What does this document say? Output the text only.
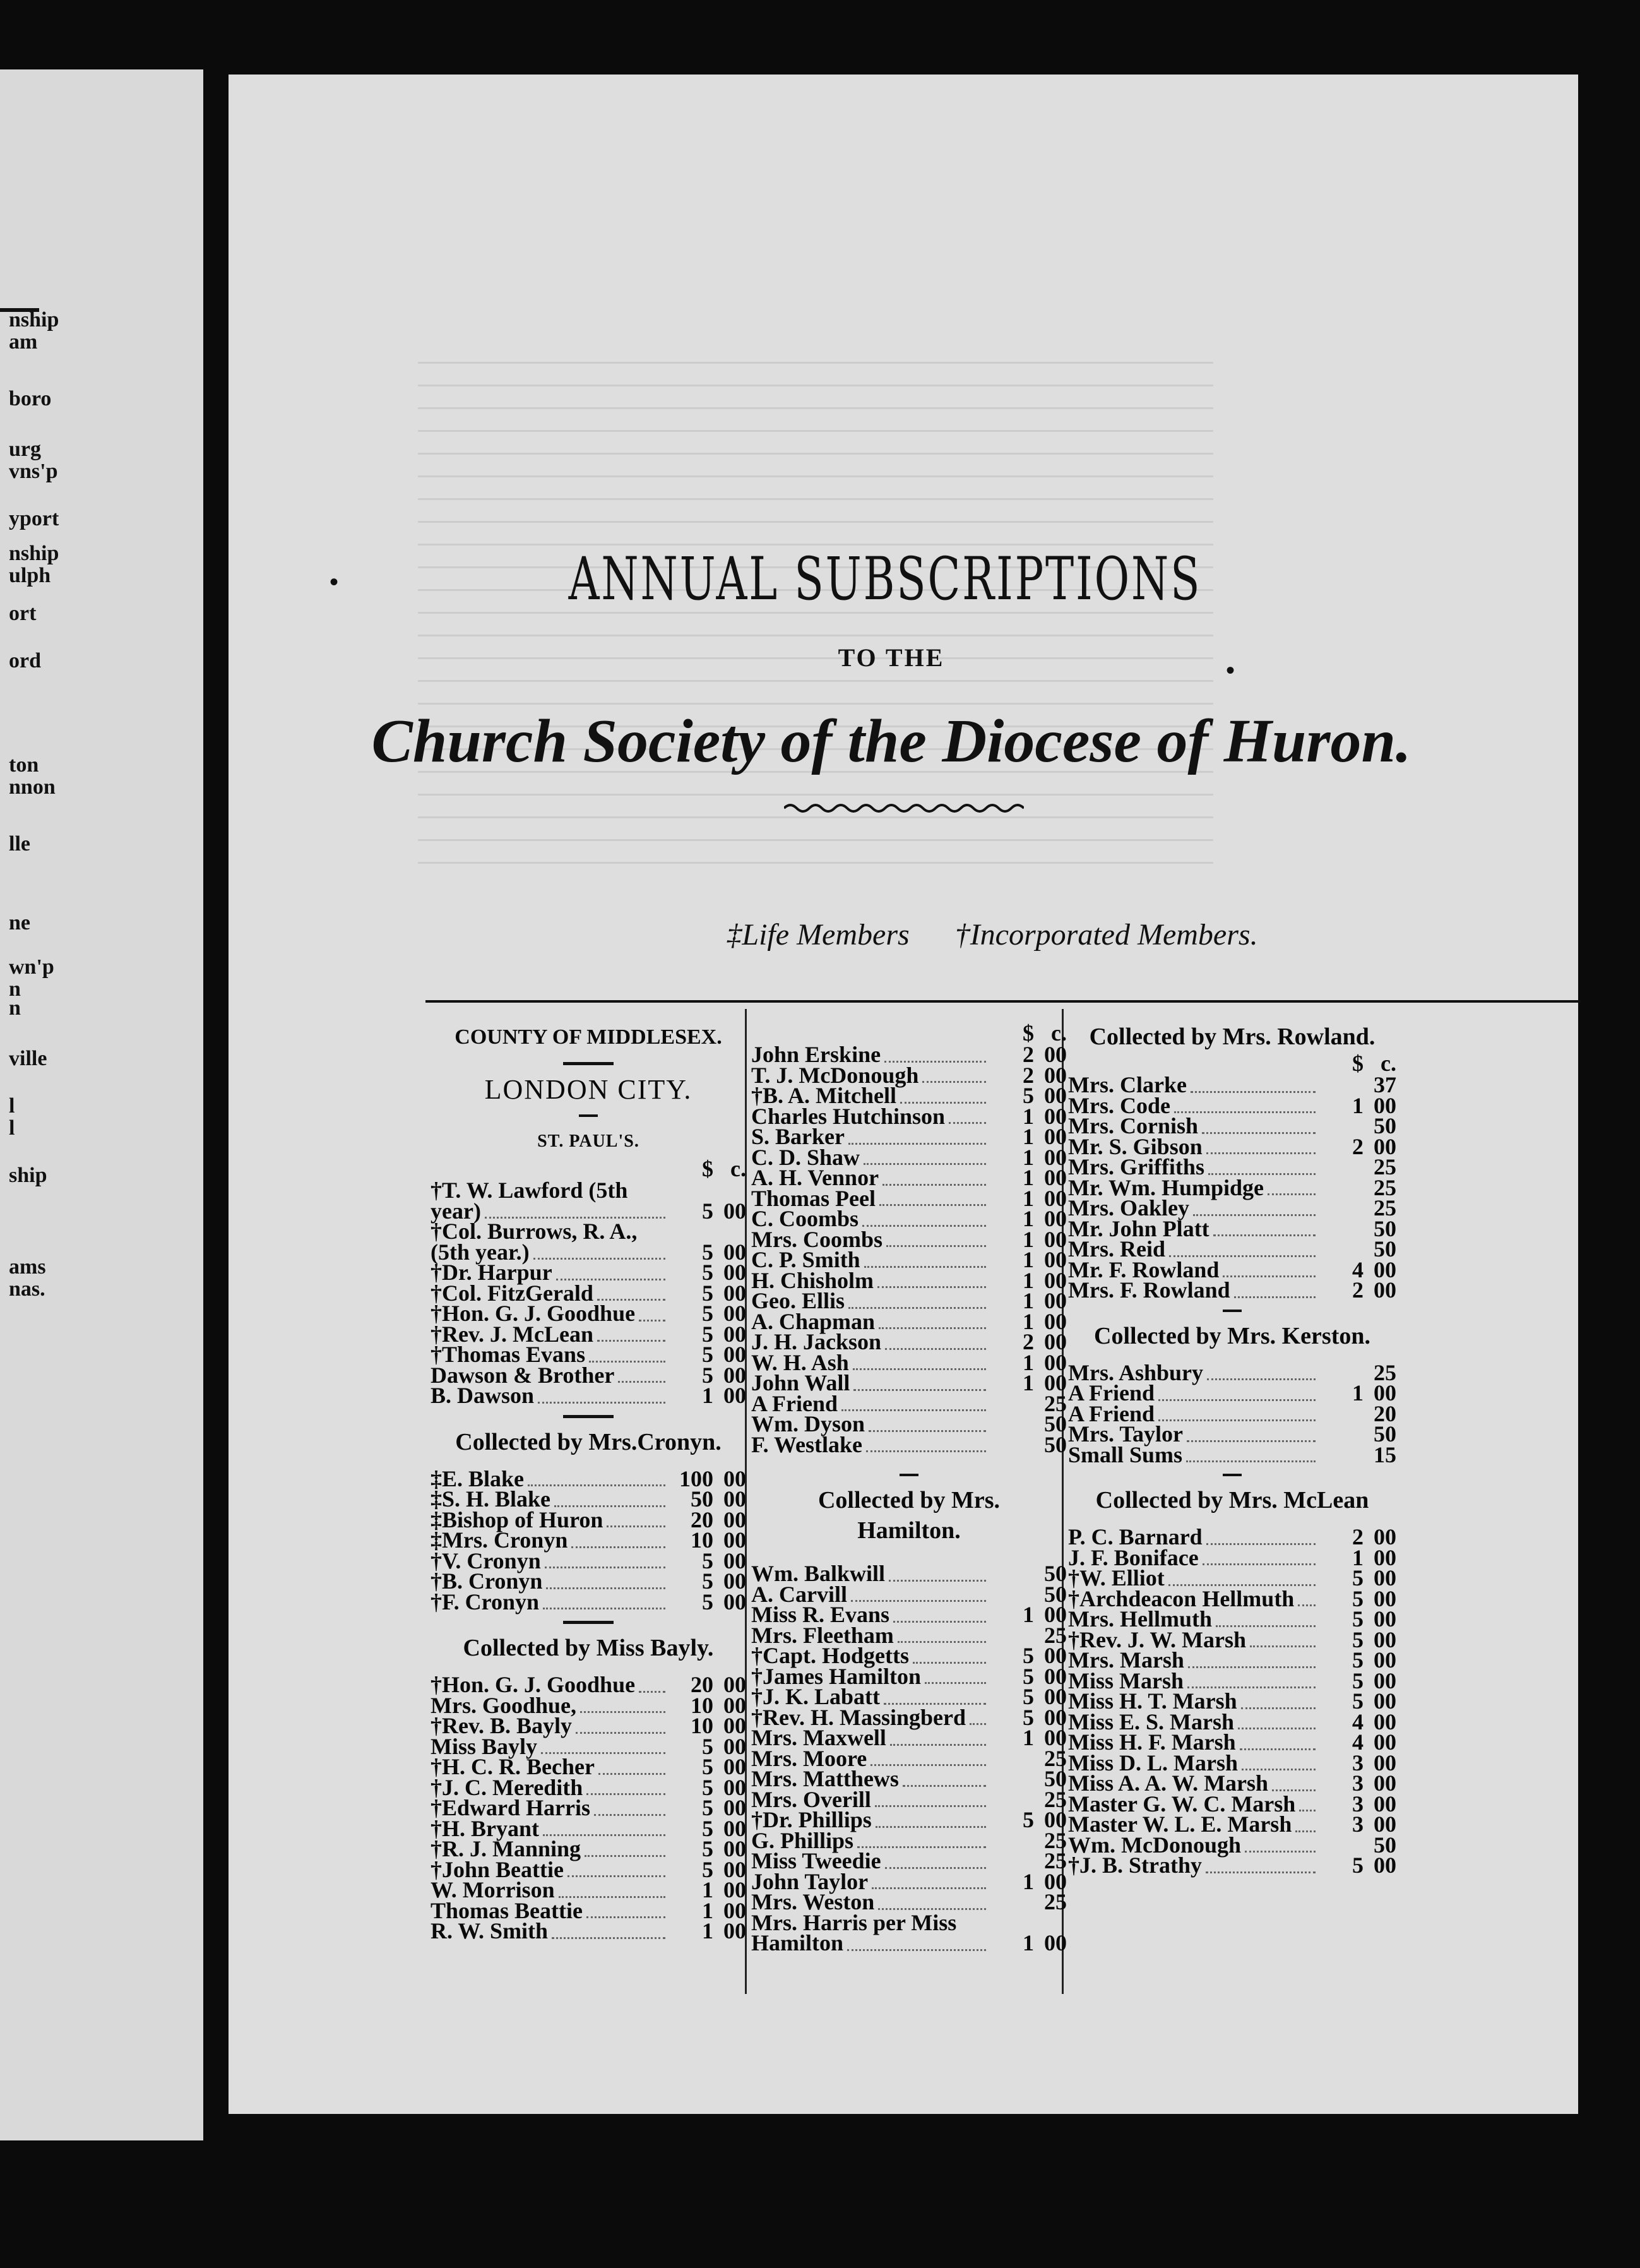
nship
am
boro
urg
vns'p
yport
nship
ulph
ort
ord
ton
nnon
lle
ne
wn'p
n
n
ville
l
l
ship
ams
nas.
ANNUAL SUBSCRIPTIONS
TO THE
Church Society of the Diocese of Huron.
‡Life Members †Incorporated Members.
COUNTY OF MIDDLESEX.
LONDON CITY.
ST. PAUL'S.
$ c.
†T. W. Lawford (5th
year)	5 00
†Col. Burrows, R. A.,
(5th year.)	5 00
†Dr. Harpur	5 00
†Col. FitzGerald	5 00
†Hon. G. J. Goodhue	5 00
†Rev. J. McLean	5 00
†Thomas Evans	5 00
Dawson & Brother	5 00
B. Dawson	1 00
Collected by Mrs.Cronyn.
‡E. Blake	100 00
‡S. H. Blake	50 00
‡Bishop of Huron	20 00
‡Mrs. Cronyn	10 00
†V. Cronyn	5 00
†B. Cronyn	5 00
†F. Cronyn	5 00
Collected by Miss Bayly.
†Hon. G. J. Goodhue	20 00
Mrs. Goodhue,	10 00
†Rev. B. Bayly	10 00
Miss Bayly	5 00
†H. C. R. Becher	5 00
†J. C. Meredith	5 00
†Edward Harris	5 00
†H. Bryant	5 00
†R. J. Manning	5 00
†John Beattie	5 00
W. Morrison	1 00
Thomas Beattie	1 00
R. W. Smith	1 00
$ c.
John Erskine	2 00
T. J. McDonough	2 00
†B. A. Mitchell	5 00
Charles Hutchinson	1 00
S. Barker	1 00
C. D. Shaw	1 00
A. H. Vennor	1 00
Thomas Peel	1 00
C. Coombs	1 00
Mrs. Coombs	1 00
C. P. Smith	1 00
H. Chisholm	1 00
Geo. Ellis	1 00
A. Chapman	1 00
J. H. Jackson	2 00
W. H. Ash	1 00
John Wall	1 00
A Friend	25
Wm. Dyson	50
F. Westlake	50
Collected by Mrs. Hamilton.
Wm. Balkwill	50
A. Carvill	50
Miss R. Evans	1 00
Mrs. Fleetham	25
†Capt. Hodgetts	5 00
†James Hamilton	5 00
†J. K. Labatt	5 00
†Rev. H. Massingberd	5 00
Mrs. Maxwell	1 00
Mrs. Moore	25
Mrs. Matthews	50
Mrs. Overill	25
†Dr. Phillips	5 00
G. Phillips	25
Miss Tweedie	25
John Taylor	1 00
Mrs. Weston	25
Mrs. Harris per Miss
Hamilton	1 00
Collected by Mrs. Rowland.
$ c.
Mrs. Clarke	37
Mrs. Code	1 00
Mrs. Cornish	50
Mr. S. Gibson	2 00
Mrs. Griffiths	25
Mr. Wm. Humpidge	25
Mrs. Oakley	25
Mr. John Platt	50
Mrs. Reid	50
Mr. F. Rowland	4 00
Mrs. F. Rowland	2 00
Collected by Mrs. Kerston.
Mrs. Ashbury	25
A Friend	1 00
A Friend	20
Mrs. Taylor	50
Small Sums	15
Collected by Mrs. McLean
P. C. Barnard	2 00
J. F. Boniface	1 00
†W. Elliot	5 00
†Archdeacon Hellmuth	5 00
Mrs. Hellmuth	5 00
†Rev. J. W. Marsh	5 00
Mrs. Marsh	5 00
Miss Marsh	5 00
Miss H. T. Marsh	5 00
Miss E. S. Marsh	4 00
Miss H. F. Marsh	4 00
Miss D. L. Marsh	3 00
Miss A. A. W. Marsh	3 00
Master G. W. C. Marsh	3 00
Master W. L. E. Marsh	3 00
Wm. McDonough	50
†J. B. Strathy	5 00
•
•
